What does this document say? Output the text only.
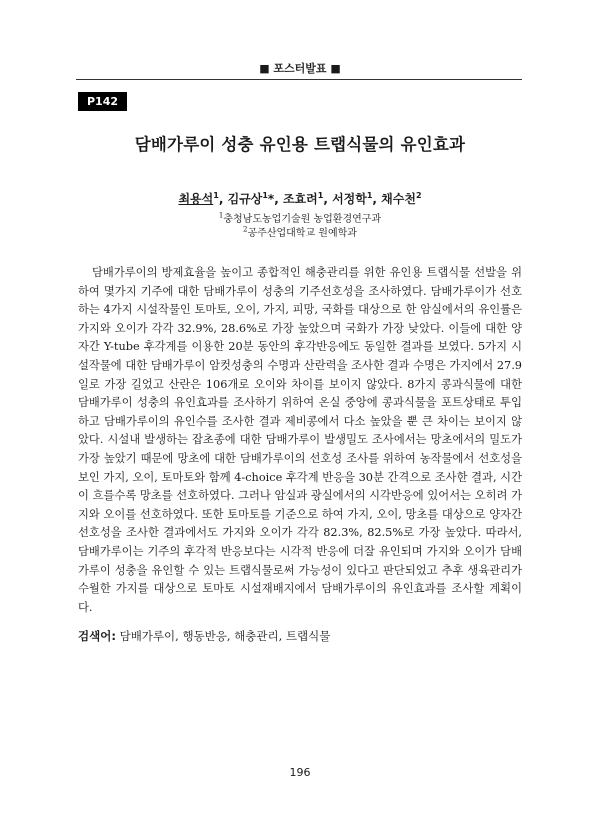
■ 포스터발표 ■
P142
담배가루이 성충 유인용 트랩식물의 유인효과
최용석$^1$, 김규상$^1$*, 조효려$^1$, 서정학$^1$, 채수천$^2$
$^1$충청남도농업기술원 농업환경연구과
$^2$공주산업대학교 원예학과
담배가루이의 방제효율을 높이고 종합적인 해충관리를 위한 유인용 트랩식물 선발을 위하여 몇가지 기주에 대한 담배가루이 성충의 기주선호성을 조사하였다. 담배가루이가 선호하는 4가지 시설작물인 토마토, 오이, 가지, 피망, 국화를 대상으로 한 암실에서의 유인률은 가지와 오이가 각각 32.9%, 28.6%로 가장 높았으며 국화가 가장 낮았다. 이들에 대한 양자간 Y-tube 후각계를 이용한 20분 동안의 후각반응에도 동일한 결과를 보였다. 5가지 시설작물에 대한 담배가루이 암컷성충의 수명과 산란력을 조사한 결과 수명은 가지에서 27.9일로 가장 길었고 산란은 106개로 오이와 차이를 보이지 않았다. 8가지 콩과식물에 대한 담배가루이 성충의 유인효과를 조사하기 위하여 온실 중앙에 콩과식물을 포트상태로 투입하고 담배가루이의 유인수를 조사한 결과 제비콩에서 다소 높았을 뿐 큰 차이는 보이지 않았다. 시설내 발생하는 잡초종에 대한 담배가루이 발생밀도 조사에서는 망초에서의 밀도가 가장 높았기 때문에 망초에 대한 담배가루이의 선호성 조사를 위하여 농작물에서 선호성을 보인 가지, 오이, 토마토와 함께 4-choice 후각계 반응을 30분 간격으로 조사한 결과, 시간이 흐를수록 망초를 선호하였다. 그러나 암실과 광실에서의 시각반응에 있어서는 오히려 가지와 오이를 선호하였다. 또한 토마토를 기준으로 하여 가지, 오이, 망초를 대상으로 양자간 선호성을 조사한 결과에서도 가지와 오이가 각각 82.3%, 82.5%로 가장 높았다. 따라서, 담배가루이는 기주의 후각적 반응보다는 시각적 반응에 더잘 유인되며 가지와 오이가 담배가루이 성충을 유인할 수 있는 트랩식물로써 가능성이 있다고 판단되었고 추후 생육관리가 수월한 가지를 대상으로 토마토 시설재배지에서 담배가루이의 유인효과를 조사할 계획이다.
검색어: 담배가루이, 행동반응, 해충관리, 트랩식물
196
